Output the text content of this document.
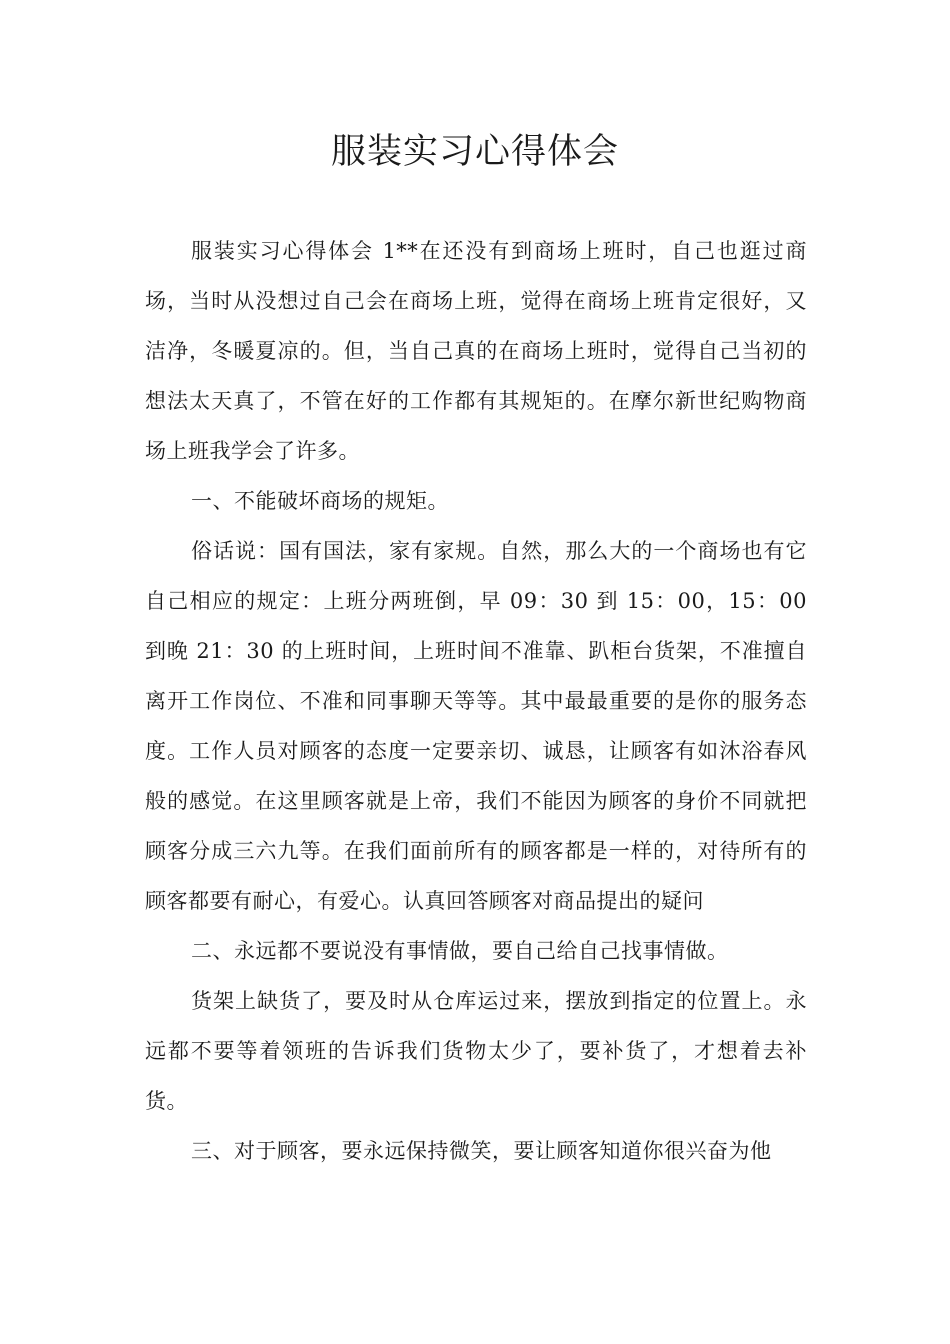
服装实习心得体会

服装实习心得体会 1**在还没有到商场上班时，自己也逛过商场，当时从没想过自己会在商场上班，觉得在商场上班肯定很好，又洁净，冬暖夏凉的。但，当自己真的在商场上班时，觉得自己当初的想法太天真了，不管在好的工作都有其规矩的。在摩尔新世纪购物商场上班我学会了许多。

一、不能破坏商场的规矩。

俗话说：国有国法，家有家规。自然，那么大的一个商场也有它自己相应的规定：上班分两班倒，早 09：30 到 15：00，15：00 到晚 21：30 的上班时间，上班时间不准靠、趴柜台货架，不准擅自离开工作岗位、不准和同事聊天等等。其中最最重要的是你的服务态度。工作人员对顾客的态度一定要亲切、诚恳，让顾客有如沐浴春风般的感觉。在这里顾客就是上帝，我们不能因为顾客的身价不同就把顾客分成三六九等。在我们面前所有的顾客都是一样的，对待所有的顾客都要有耐心，有爱心。认真回答顾客对商品提出的疑问

二、永远都不要说没有事情做，要自己给自己找事情做。

货架上缺货了，要及时从仓库运过来，摆放到指定的位置上。永远都不要等着领班的告诉我们货物太少了，要补货了，才想着去补货。

三、对于顾客，要永远保持微笑，要让顾客知道你很兴奋为他
